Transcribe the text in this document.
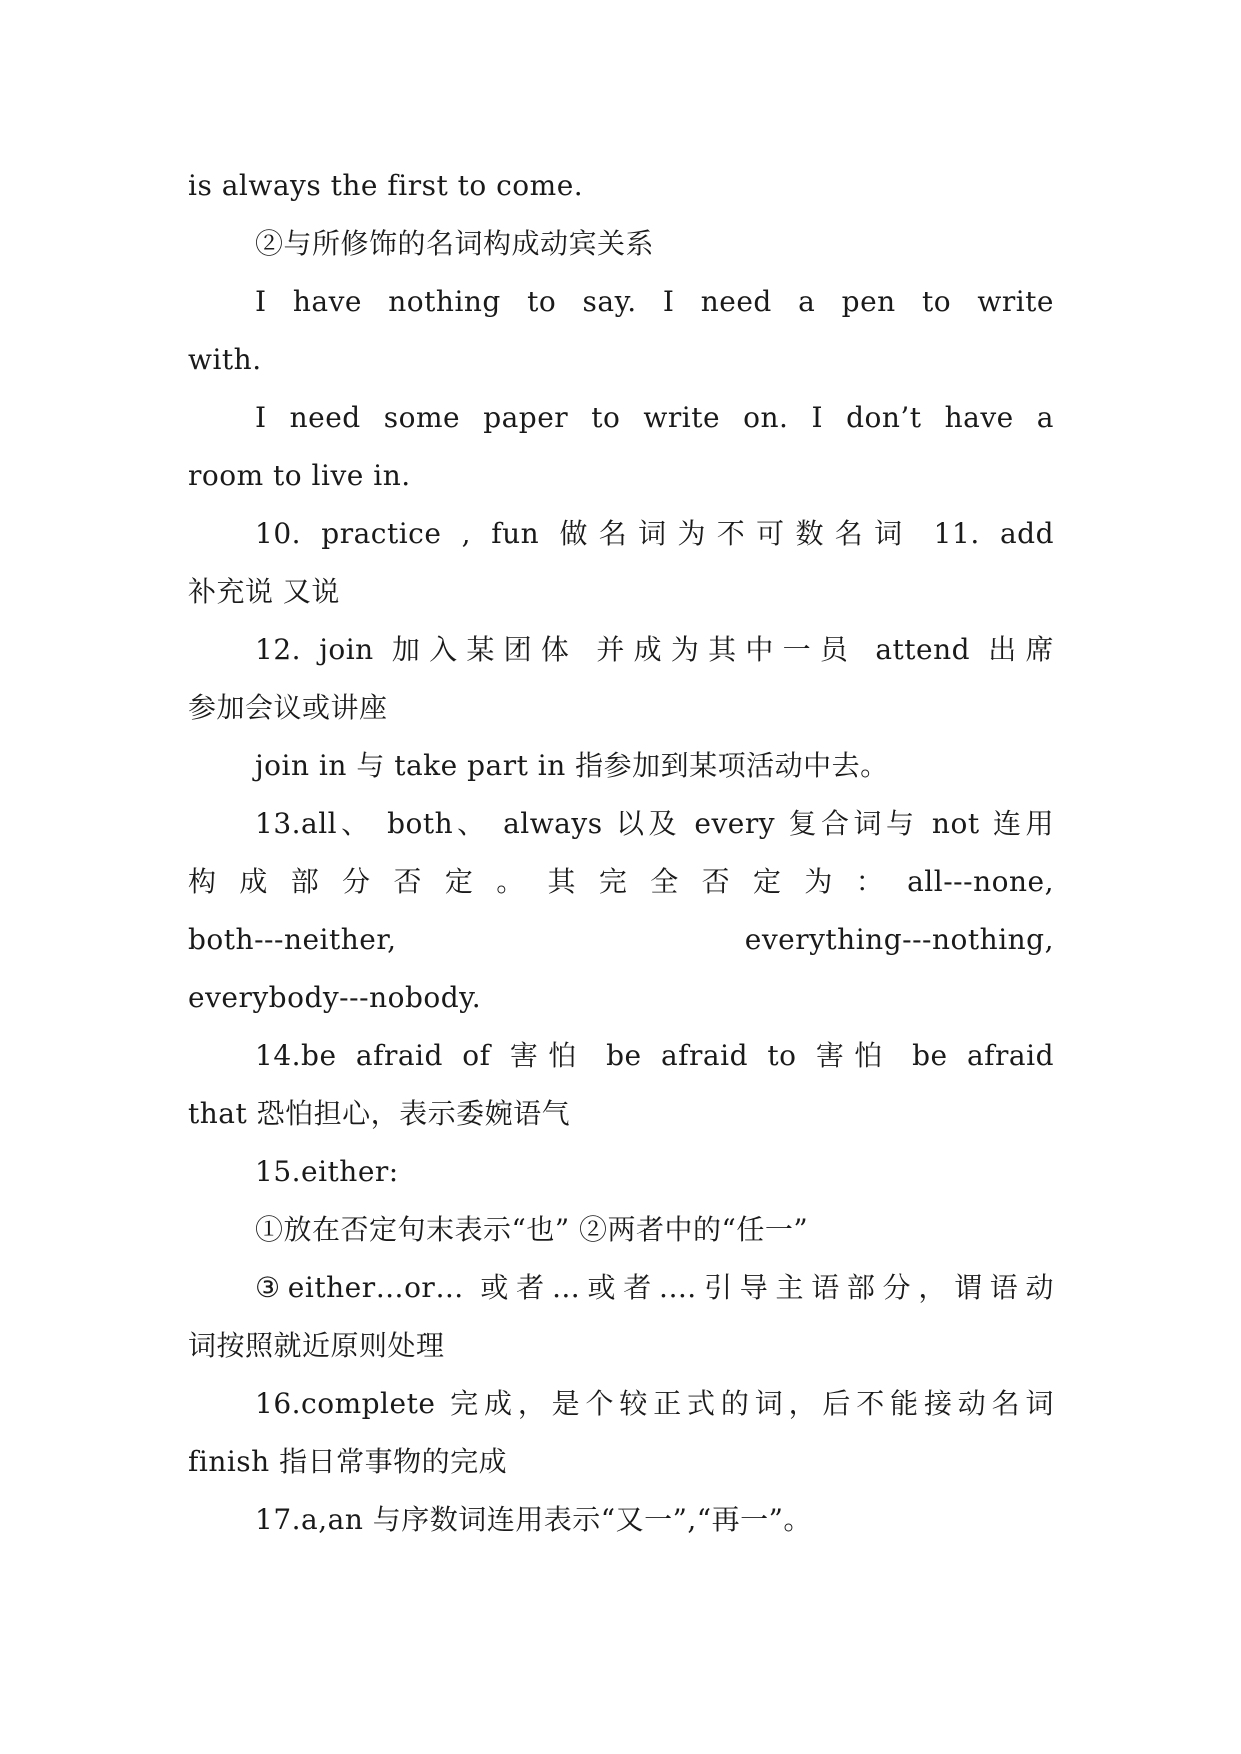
is always the first to come.
②与所修饰的名词构成动宾关系
I have nothing to say. I need a pen to write
with.
I need some paper to write on. I don’t have a
room to live in.
10. practice , fun 做名词为不可数名词 11. add
补充说 又说
12. join 加入某团体 并成为其中一员 attend 出席
参加会议或讲座
join in 与 take part in 指参加到某项活动中去。
13.all、 both、 always 以及 every 复合词与 not 连用
构 成 部 分 否 定 。 其 完 全 否 定 为 ： all---none,
both---neither, everything---nothing,
everybody---nobody.
14.be afraid of 害怕 be afraid to 害怕 be afraid
that 恐怕担心，表示委婉语气
15.either:
①放在否定句末表示“也” ②两者中的“任一”
③either…or… 或者…或者.…引导主语部分，谓语动
词按照就近原则处理
16.complete 完成，是个较正式的词，后不能接动名词
finish 指日常事物的完成
17.a,an 与序数词连用表示“又一”,“再一”。
